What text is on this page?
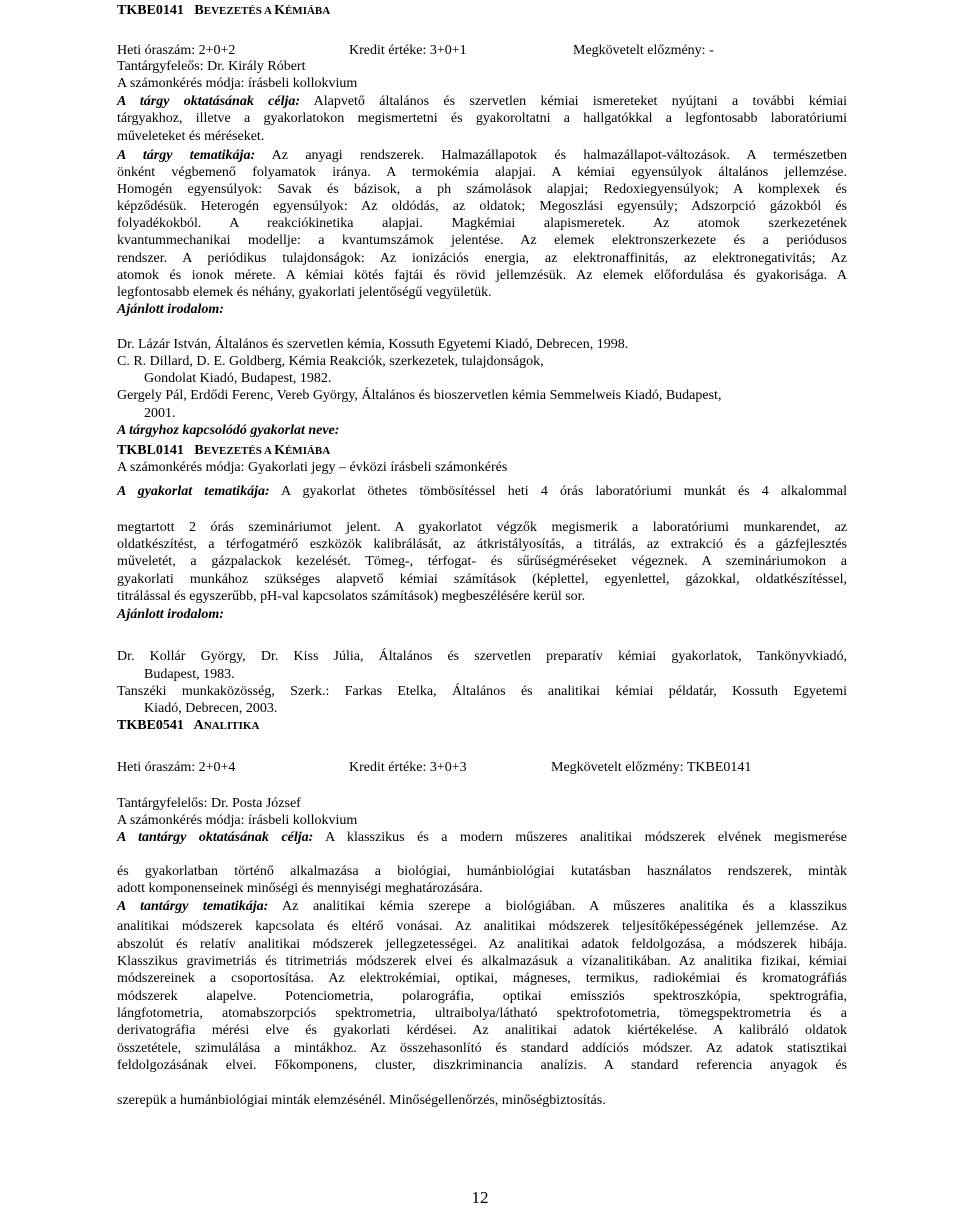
TKBE0141 BEVEZETÉS A KÉMIÁBA
Heti óraszám: 2+0+2	Kredit értéke: 3+0+1	Megkövetelt előzmény: -
Tantárgyfeleős: Dr. Király Róbert
A számonkérés módja: írásbeli kollokvium
A tárgy oktatásának célja: Alapvető általános és szervetlen kémiai ismereteket nyújtani a további kémiai
tárgyakhoz, illetve a gyakorlatokon megismertetni és gyakoroltatni a hallgatókkal a legfontosabb laboratóriumi
műveleteket és méréseket.
A tárgy tematikája: Az anyagi rendszerek. Halmazállapotok és halmazállapot-változások. A természetben
önként végbemenő folyamatok iránya. A termokémia alapjai. A kémiai egyensúlyok általános jellemzése.
Homogén egyensúlyok: Savak és bázisok, a ph számolások alapjai; Redoxiegyensúlyok; A komplexek és
képződésük. Heterogén egyensúlyok: Az oldódás, az oldatok; Megoszlási egyensúly; Adszorpció gázokból és
folyadékokból. A reakciókinetika alapjai. Magkémiai alapismeretek. Az atomok szerkezetének
kvantummechanikai modellje: a kvantumszámok jelentése. Az elemek elektronszerkezete és a periódusos
rendszer. A periódikus tulajdonságok: Az ionizációs energia, az elektronaffinitás, az elektronegativitás; Az
atomok és ionok mérete. A kémiai kötés fajtái és rövid jellemzésük. Az elemek előfordulása és gyakorisága. A
legfontosabb elemek és néhány, gyakorlati jelentőségű vegyületük.
Ajánlott irodalom:
Dr. Lázár István, Általános és szervetlen kémia, Kossuth Egyetemi Kiadó, Debrecen, 1998.
C. R. Dillard, D. E. Goldberg, Kémia Reakciók, szerkezetek, tulajdonságok,
Gondolat Kiadó, Budapest, 1982.
Gergely Pál, Erdődi Ferenc, Vereb György, Általános és bioszervetlen kémia Semmelweis Kiadó, Budapest,
2001.
A tárgyhoz kapcsolódó gyakorlat neve:
TKBL0141 BEVEZETÉS A KÉMIÁBA
A számonkérés módja: Gyakorlati jegy – évközi írásbeli számonkérés
A gyakorlat tematikája: A gyakorlat öthetes tömbösítéssel heti 4 órás laboratóriumi munkát és 4 alkalommal
megtartott 2 órás szemináriumot jelent. A gyakorlatot végzők megismerik a laboratóriumi munkarendet, az
oldatkészítést, a térfogatmérő eszközök kalibrálását, az átkristályosítás, a titrálás, az extrakció és a gázfejlesztés
műveletét, a gázpalackok kezelését. Tömeg-, térfogat- és sűrűségméréseket végeznek. A szemináriumokon a
gyakorlati munkához szükséges alapvető kémiai számítások (képlettel, egyenlettel, gázokkal, oldatkészítéssel,
titrálással és egyszerűbb, pH-val kapcsolatos számítások) megbeszélésére kerül sor.
Ajánlott irodalom:
Dr. Kollár György, Dr. Kiss Júlia, Általános és szervetlen preparatív kémiai gyakorlatok, Tankönyvkiadó,
Budapest, 1983.
Tanszéki munkaközösség, Szerk.: Farkas Etelka, Általános és analitikai kémiai példatár, Kossuth Egyetemi
Kiadó, Debrecen, 2003.
TKBE0541 ANALITIKA
Heti óraszám: 2+0+4	Kredit értéke: 3+0+3	Megkövetelt előzmény: TKBE0141
Tantárgyfelelős: Dr. Posta József
A számonkérés módja: írásbeli kollokvium
A tantárgy oktatásának célja: A klasszikus és a modern műszeres analitikai módszerek elvének megismerése
és gyakorlatban történő alkalmazása a biológiai, humánbiológiai kutatásban használatos rendszerek, mintàk
adott komponenseinek minőségi és mennyiségi meghatározására.
A tantárgy tematikája: Az analitikai kémia szerepe a biológiában. A műszeres analitika és a klasszikus
analitikai módszerek kapcsolata és eltérő vonásai. Az analitikai módszerek teljesítőképességének jellemzése. Az
abszolút és relatív analitikai módszerek jellegzetességei. Az analitikai adatok feldolgozása, a módszerek hibája.
Klasszikus gravimetriás és titrimetriás módszerek elvei és alkalmazásuk a vízanalitikában. Az analitika fizikai, kémiai
módszereinek a csoportosítása. Az elektrokémiai, optikai, mágneses, termikus, radiokémiai és kromatográfiás
módszerek alapelve. Potenciometria, polarográfia, optikai emissziós spektroszkópia, spektrográfia,
lángfotometria, atomabszorpciós spektrometria, ultraibolya/látható spektrofotometria, tömegspektrometria és a
derivatográfia mérési elve és gyakorlati kérdései. Az analitikai adatok kiértékelése. A kalibráló oldatok
összetétele, szimulálása a mintákhoz. Az összehasonlító és standard addíciós módszer. Az adatok statisztikai
feldolgozásának elvei. Főkomponens, cluster, diszkriminancia analízis. A standard referencia anyagok és
szerepük a humánbiológiai minták elemzésénél. Minőségellenőrzés, minőségbiztosítás.
12
